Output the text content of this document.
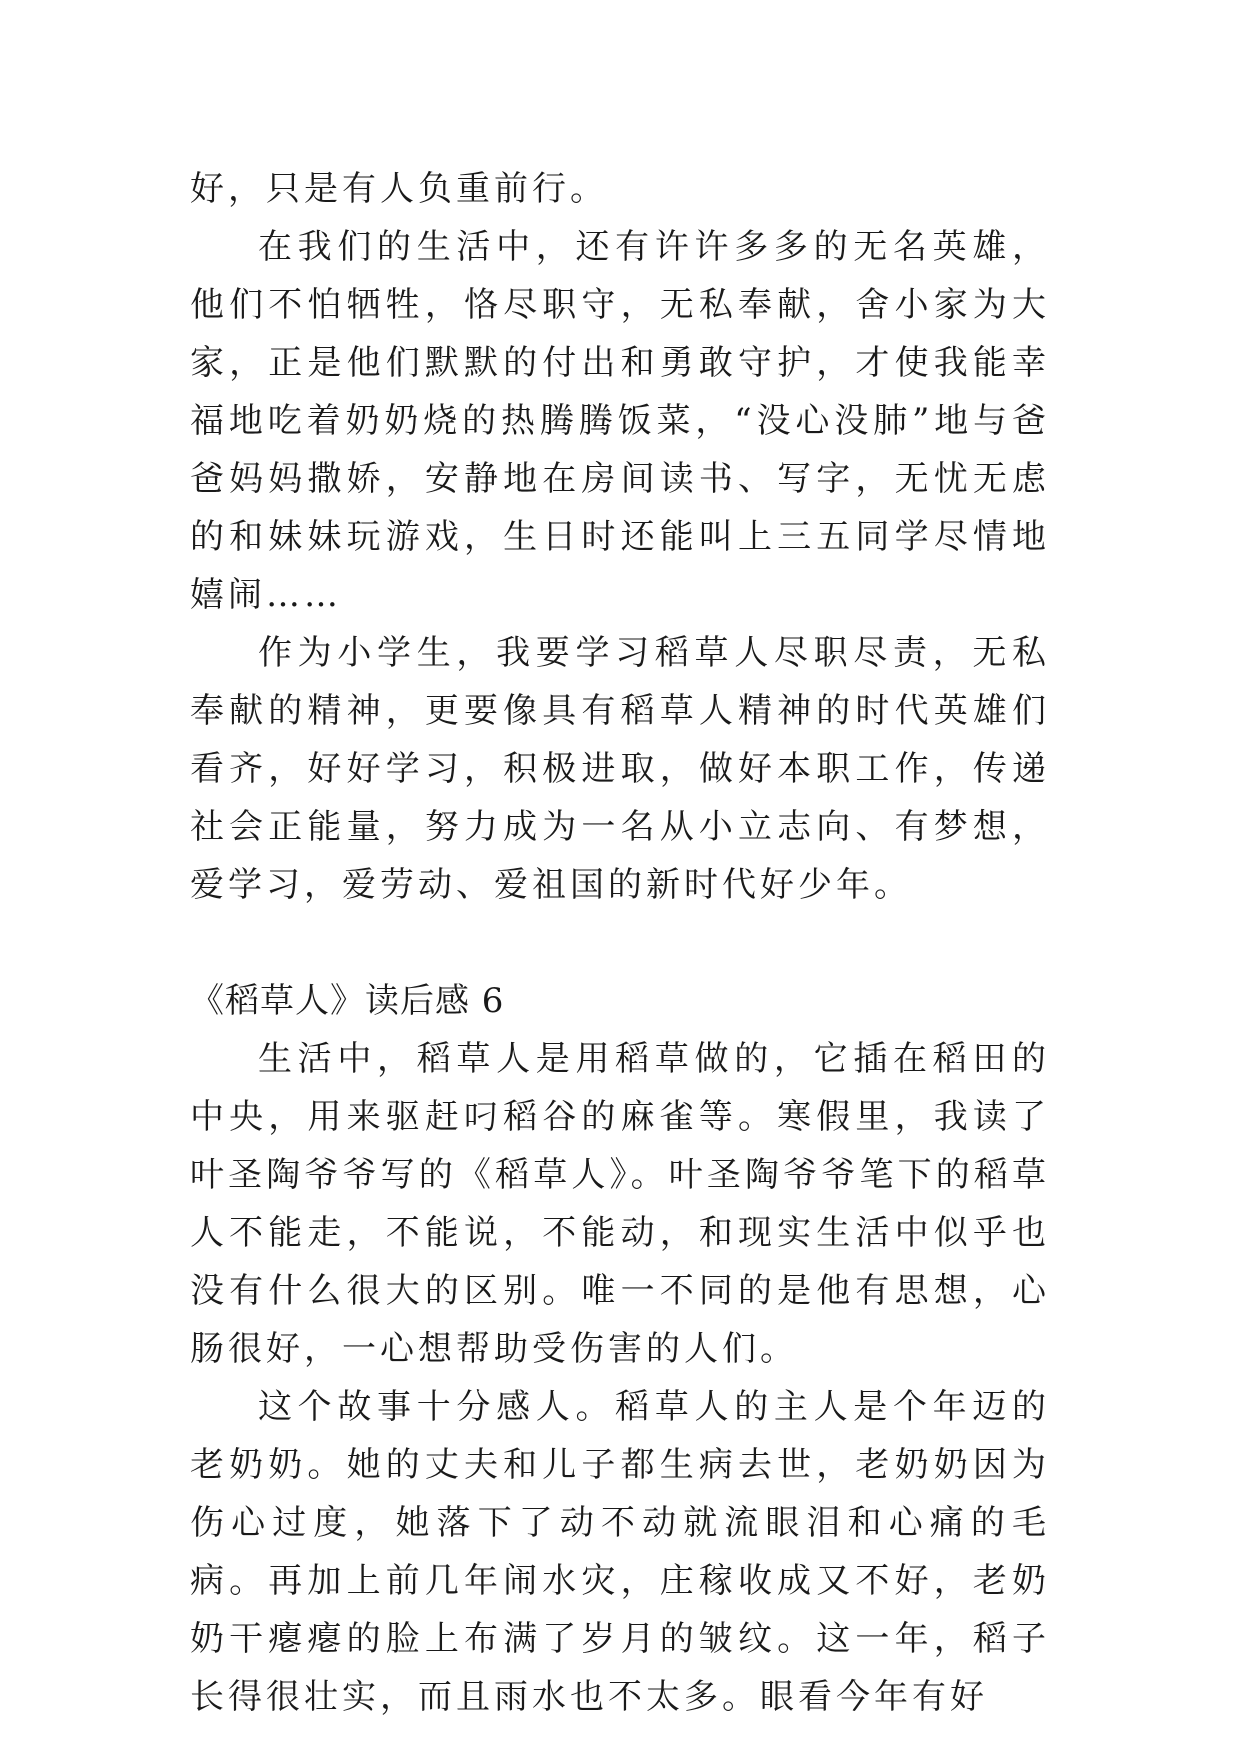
好，只是有人负重前行。

在我们的生活中，还有许许多多的无名英雄，他们不怕牺牲，恪尽职守，无私奉献，舍小家为大家，正是他们默默的付出和勇敢守护，才使我能幸福地吃着奶奶烧的热腾腾饭菜，“没心没肺”地与爸爸妈妈撒娇，安静地在房间读书、写字，无忧无虑的和妹妹玩游戏，生日时还能叫上三五同学尽情地嬉闹……

作为小学生，我要学习稻草人尽职尽责，无私奉献的精神，更要像具有稻草人精神的时代英雄们看齐，好好学习，积极进取，做好本职工作，传递社会正能量，努力成为一名从小立志向、有梦想，爱学习，爱劳动、爱祖国的新时代好少年。

《稻草人》读后感 6

生活中，稻草人是用稻草做的，它插在稻田的中央，用来驱赶叼稻谷的麻雀等。寒假里，我读了叶圣陶爷爷写的《稻草人》。叶圣陶爷爷笔下的稻草人不能走，不能说，不能动，和现实生活中似乎也没有什么很大的区别。唯一不同的是他有思想，心肠很好，一心想帮助受伤害的人们。

这个故事十分感人。稻草人的主人是个年迈的老奶奶。她的丈夫和儿子都生病去世，老奶奶因为伤心过度，她落下了动不动就流眼泪和心痛的毛病。再加上前几年闹水灾，庄稼收成又不好，老奶奶干瘪瘪的脸上布满了岁月的皱纹。这一年，稻子长得很壮实，而且雨水也不太多。眼看今年有好
